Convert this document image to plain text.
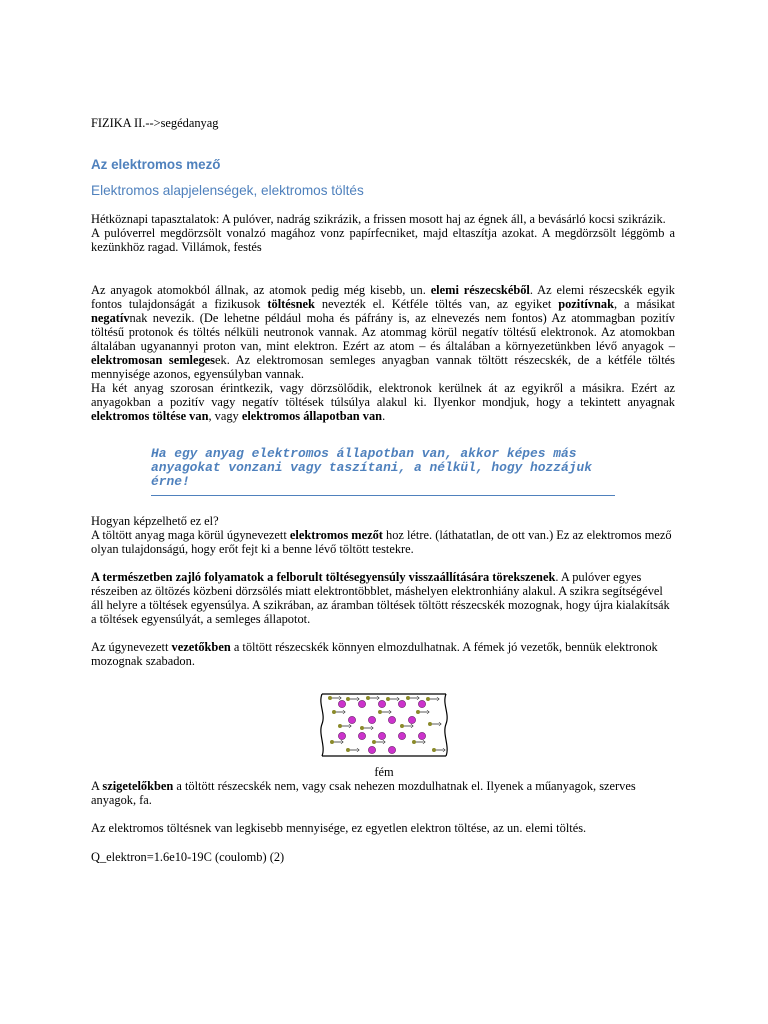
FIZIKA II.-->segédanyag
Az elektromos mező
Elektromos alapjelenségek, elektromos töltés
Hétköznapi tapasztalatok: A pulóver, nadrág szikrázik, a frissen mosott haj az égnek áll, a bevásárló kocsi szikrázik.
A pulóverrel megdörzsölt vonalzó magához vonz papírfecniket, majd eltaszítja azokat. A megdörzsölt léggömb a kezünkhöz ragad. Villámok, festés
Az anyagok atomokból állnak, az atomok pedig még kisebb, un. elemi részecskéből. Az elemi részecskék egyik fontos tulajdonságát a fizikusok töltésnek nevezték el. Kétféle töltés van, az egyiket pozitívnak, a másikat negatívnak nevezik. (De lehetne például moha és páfrány is, az elnevezés nem fontos) Az atommagban pozitív töltésű protonok és töltés nélküli neutronok vannak. Az atommag körül negatív töltésű elektronok. Az atomokban általában ugyanannyi proton van, mint elektron. Ezért az atom – és általában a környezetünkben lévő anyagok – elektromosan semlegesek. Az elektromosan semleges anyagban vannak töltött részecskék, de a kétféle töltés mennyisége azonos, egyensúlyban vannak.
Ha két anyag szorosan érintkezik, vagy dörzsölődik, elektronok kerülnek át az egyikről a másikra. Ezért az anyagokban a pozitív vagy negatív töltések túlsúlya alakul ki. Ilyenkor mondjuk, hogy a tekintett anyagnak elektromos töltése van, vagy elektromos állapotban van.
Ha egy anyag elektromos állapotban van, akkor képes más anyagokat vonzani vagy taszítani, a nélkül, hogy hozzájuk érne!
Hogyan képzelhető ez el?
A töltött anyag maga körül úgynevezett elektromos mezőt hoz létre. (láthatatlan, de ott van.) Ez az elektromos mező olyan tulajdonságú, hogy erőt fejt ki a benne lévő töltött testekre.
A természetben zajló folyamatok a felborult töltésegyensúly visszaállítására törekszenek. A pulóver egyes részeiben az öltözés közbeni dörzsölés miatt elektrontöbblet, máshelyen elektronhiány alakul. A szikra segítségével áll helyre a töltések egyensúlya. A szikrában, az áramban töltések töltött részecskék mozognak, hogy újra kialakítsák a töltések egyensúlyát, a semleges állapotot.
Az úgynevezett vezetőkben a töltött részecskék könnyen elmozdulhatnak. A fémek jó vezetők, bennük elektronok mozognak szabadon.
fém
A szigetelőkben a töltött részecskék nem, vagy csak nehezen mozdulhatnak el. Ilyenek a műanyagok, szerves anyagok, fa.
Az elektromos töltésnek van legkisebb mennyisége, ez egyetlen elektron töltése, az un. elemi töltés.
Q_elektron=1.6e10-19C (coulomb) (2)
